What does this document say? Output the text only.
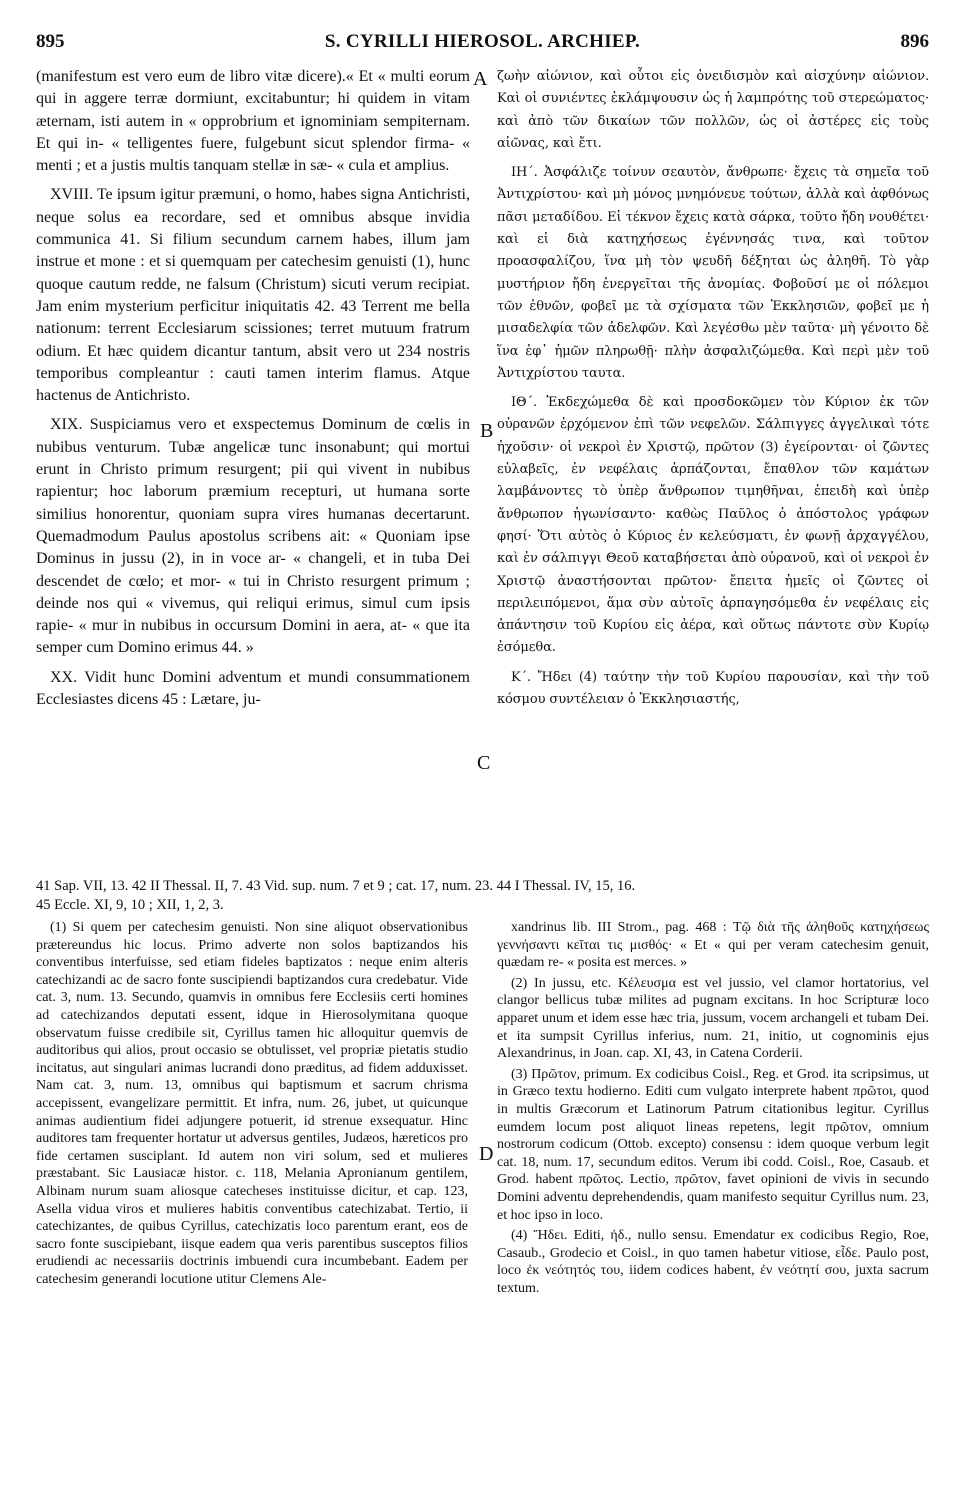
895	S. CYRILLI HIEROSOL. ARCHIEP.	896

(manifestum est vero eum de libro vitæ dicere).« Et « multi eorum qui in aggere terræ dormiunt, excitabuntur; hi quidem in vitam æternam, isti autem in « opprobrium et ignominiam sempiternam. Et qui in- « telligentes fuere, fulgebunt sicut splendor firma- « menti ; et a justis multis tanquam stellæ in sæ- « cula et amplius.

XVIII. Te ipsum igitur præmuni, o homo, habes signa Antichristi, neque solus ea recordare, sed et omnibus absque invidia communica 41. Si filium secundum carnem habes, illum jam instrue et mone : et si quemquam per catechesim genuisti (1), hunc quoque cautum redde, ne falsum (Christum) sicuti verum recipiat. Jam enim mysterium perficitur iniquitatis 42. 43 Terrent me bella nationum: terrent Ecclesiarum scissiones; terret mutuum fratrum odium. Et hæc quidem dicantur tantum, absit vero ut 234 nostris temporibus compleantur : cauti tamen interim flamus. Atque hactenus de Antichristo.

XIX. Suspiciamus vero et exspectemus Dominum de cœlis in nubibus venturum. Tubæ angelicæ tunc insonabunt; qui mortui erunt in Christo primum resurgent; pii qui vivent in nubibus rapientur; hoc laborum præmium recepturi, ut humana sorte similius honorentur, quoniam supra vires humanas decertarunt. Quemadmodum Paulus apostolus scribens ait: « Quoniam ipse Dominus in jussu (2), in in voce ar- « changeli, et in tuba Dei descendet de cœlo; et mor- « tui in Christo resurgent primum ; deinde nos qui « vivemus, qui reliqui erimus, simul cum ipsis rapie- « mur in nubibus in occursum Domini in aera, at- « que ita semper cum Domino erimus 44. »

XX. Vidit hunc Domini adventum et mundi consummationem Ecclesiastes dicens 45 : Lætare, ju-

A
B
C
D

ζωὴν αἰώνιον, καὶ οὗτοι εἰς ὀνειδισμὸν καὶ αἰσχύνην αἰώνιον. Καὶ οἱ συνιέντες ἐκλάμψουσιν ὡς ἡ λαμπρότης τοῦ στερεώματος· καὶ ἀπὸ τῶν δικαίων τῶν πολλῶν, ὡς οἱ ἀστέρες εἰς τοὺς αἰῶνας, καὶ ἔτι.

ΙΗ΄. Ἀσφάλιζε τοίνυν σεαυτὸν, ἄνθρωπε· ἔχεις τὰ σημεῖα τοῦ Ἀντιχρίστου· καὶ μὴ μόνος μνημόνευε τούτων, ἀλλὰ καὶ ἀφθόνως πᾶσι μεταδίδου. Εἰ τέκνον ἔχεις κατὰ σάρκα, τοῦτο ἤδη νουθέτει· καὶ εἰ διὰ κατηχήσεως ἐγέννησάς τινα, καὶ τοῦτον προασφαλίζου, ἵνα μὴ τὸν ψευδῆ δέξηται ὡς ἀληθῆ. Τὸ γὰρ μυστήριον ἤδη ἐνεργεῖται τῆς ἀνομίας. Φοβοῦσί με οἱ πόλεμοι τῶν ἐθνῶν, φοβεῖ με τὰ σχίσματα τῶν Ἐκκλησιῶν, φοβεῖ με ἡ μισαδελφία τῶν ἀδελφῶν. Καὶ λεγέσθω μὲν ταῦτα· μὴ γένοιτο δὲ ἵνα ἐφ᾽ ἡμῶν πληρωθῇ· πλὴν ἀσφαλιζώμεθα. Καὶ περὶ μὲν τοῦ Ἀντιχρίστου ταυτα.

ΙΘ΄. Ἐκδεχώμεθα δὲ καὶ προσδοκῶμεν τὸν Κύριον ἐκ τῶν οὐρανῶν ἐρχόμενον ἐπὶ τῶν νεφελῶν. Σάλπιγγες ἀγγελικαὶ τότε ἠχοῦσιν· οἱ νεκροὶ ἐν Χριστῷ, πρῶτον (3) ἐγείρονται· οἱ ζῶντες εὐλαβεῖς, ἐν νεφέλαις ἁρπάζονται, ἔπαθλον τῶν καμάτων λαμβάνοντες τὸ ὑπὲρ ἄνθρωπον τιμηθῆναι, ἐπειδὴ καὶ ὑπὲρ ἄνθρωπον ἠγωνίσαντο· καθὼς Παῦλος ὁ ἀπόστολος γράφων φησί· Ὅτι αὐτὸς ὁ Κύριος ἐν κελεύσματι, ἐν φωνῇ ἀρχαγγέλου, καὶ ἐν σάλπιγγι Θεοῦ καταβήσεται ἀπὸ οὐρανοῦ, καὶ οἱ νεκροὶ ἐν Χριστῷ ἀναστήσονται πρῶτον· ἔπειτα ἡμεῖς οἱ ζῶντες οἱ περιλειπόμενοι, ἅμα σὺν αὐτοῖς ἁρπαγησόμεθα ἐν νεφέλαις εἰς ἀπάντησιν τοῦ Κυρίου εἰς ἀέρα, καὶ οὕτως πάντοτε σὺν Κυρίῳ ἐσόμεθα.

Κ΄. Ἤδει (4) ταύτην τὴν τοῦ Κυρίου παρουσίαν, καὶ τὴν τοῦ κόσμου συντέλειαν ὁ Ἐκκλησιαστής,

41 Sap. VII, 13. 42 II Thessal. II, 7. 43 Vid. sup. num. 7 et 9 ; cat. 17, num. 23. 44 I Thessal. IV, 15, 16.
45 Eccle. XI, 9, 10 ; XII, 1, 2, 3.

(1) Si quem per catechesim genuisti. Non sine aliquot observationibus prætereundus hic locus. Primo adverte non solos baptizandos his conventibus interfuisse, sed etiam fideles baptizatos : neque enim alteris catechizandi ac de sacro fonte suscipiendi baptizandos cura credebatur. Vide cat. 3, num. 13. Secundo, quamvis in omnibus fere Ecclesiis certi homines ad catechizandos deputati essent, idque in Hierosolymitana quoque observatum fuisse credibile sit, Cyrillus tamen hic alloquitur quemvis de auditoribus qui alios, prout occasio se obtulisset, vel propriæ pietatis studio incitatus, aut singulari animas lucrandi dono præditus, ad fidem adduxisset. Nam cat. 3, num. 13, omnibus qui baptismum et sacrum chrisma accepissent, evangelizare permittit. Et infra, num. 26, jubet, ut quicunque animas audientium fidei adjungere potuerit, id strenue exsequatur. Hinc auditores tam frequenter hortatur ut adversus gentiles, Judæos, hæreticos pro fide certamen susciplant. Id autem non viri solum, sed et mulieres præstabant. Sic Lausiacæ histor. c. 118, Melania Apronianum gentilem, Albinam nurum suam aliosque catecheses instituisse dicitur, et cap. 123, Asella vidua viros et mulieres habitis conventibus catechizabat. Tertio, ii catechizantes, de quibus Cyrillus, catechizatis loco parentum erant, eos de sacro fonte suscipiebant, iisque eadem qua veris parentibus susceptos filios erudiendi ac necessariis doctrinis imbuendi cura incumbebant. Eadem per catechesim generandi locutione utitur Clemens Ale-

xandrinus lib. III Strom., pag. 468 : Τῷ διὰ τῆς ἀληθοῦς κατηχήσεως γεννήσαντι κεῖται τις μισθός· « Et « qui per veram catechesim genuit, quædam re- « posita est merces. »

(2) In jussu, etc. Κέλευσμα est vel jussio, vel clamor hortatorius, vel clangor bellicus tubæ milites ad pugnam excitans. In hoc Scripturæ loco apparet unum et idem esse hæc tria, jussum, vocem archangeli et tubam Dei. et ita sumpsit Cyrillus inferius, num. 21, initio, ut cognominis ejus Alexandrinus, in Joan. cap. XI, 43, in Catena Corderii.

(3) Πρῶτον, primum. Ex codicibus Coisl., Reg. et Grod. ita scripsimus, ut in Græco textu hodierno. Editi cum vulgato interprete habent πρῶτοι, quod in multis Græcorum et Latinorum Patrum citationibus legitur. Cyrillus eumdem locum post aliquot lineas repetens, legit πρῶτον, omnium nostrorum codicum (Ottob. excepto) consensu : idem quoque verbum legit cat. 18, num. 17, secundum editos. Verum ibi codd. Coisl., Roe, Casaub. et Grod. habent πρῶτος. Lectio, πρῶτον, favet opinioni de vivis in secundo Domini adventu deprehendendis, quam manifesto sequitur Cyrillus num. 23, et hoc ipso in loco.

(4) Ἤδει. Editi, ἠδ., nullo sensu. Emendatur ex codicibus Regio, Roe, Casaub., Grodecio et Coisl., in quo tamen habetur vitiose, εἶδε. Paulo post, loco ἐκ νεότητός του, iidem codices habent, ἐν νεότητί σου, juxta sacrum textum.
